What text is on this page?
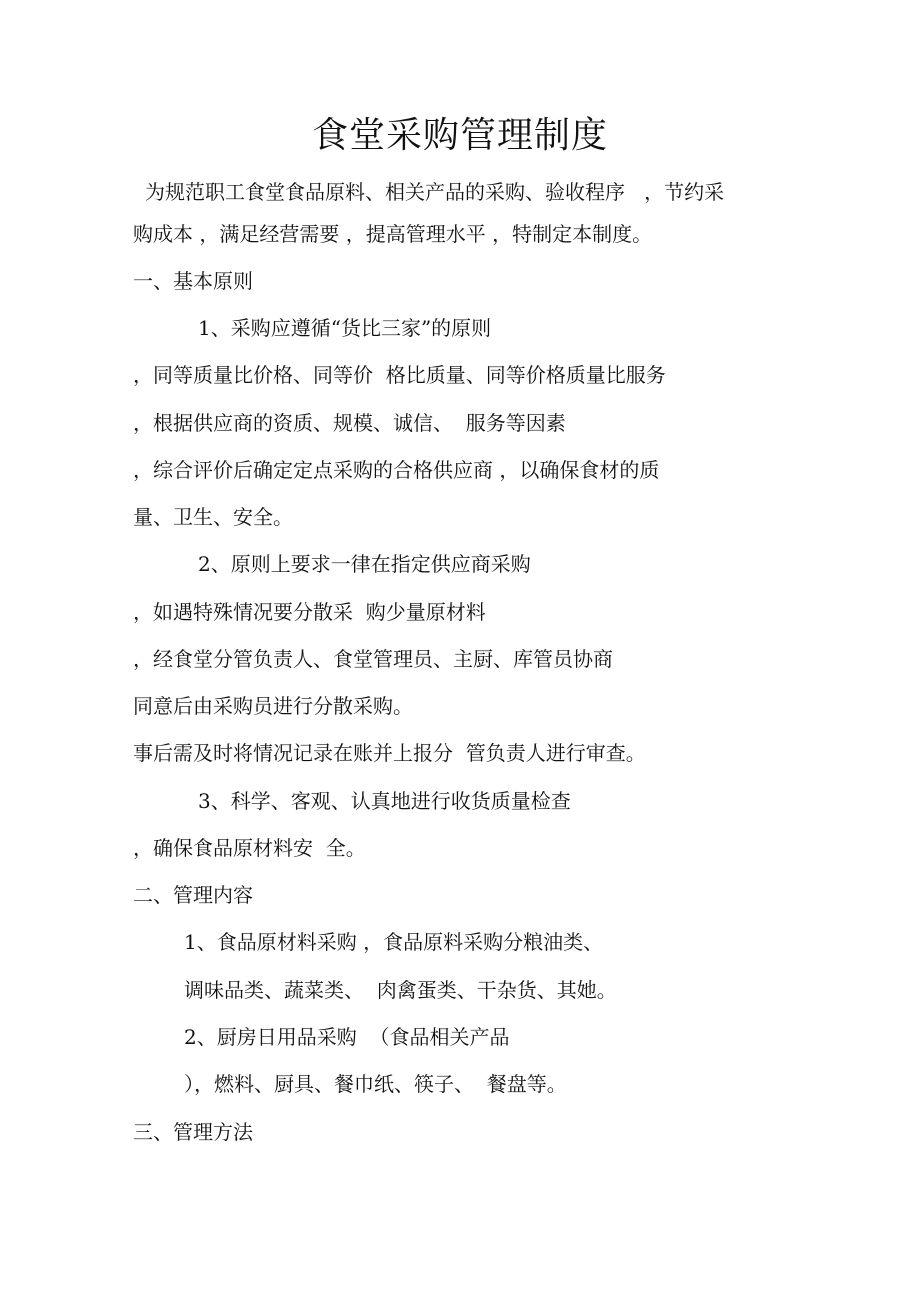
食堂采购管理制度
为规范职工食堂食品原料、相关产品的采购、验收程序   ，节约采
购成本 ，满足经营需要 ，提高管理水平 ，特制定本制度。
一、基本原则
1、采购应遵循“货比三家”的原则
，同等质量比价格、同等价  格比质量、同等价格质量比服务
，根据供应商的资质、规模、诚信、  服务等因素
，综合评价后确定定点采购的合格供应商 ，以确保食材的质
量、卫生、安全。
2、原则上要求一律在指定供应商采购
，如遇特殊情况要分散采  购少量原材料
，经食堂分管负责人、食堂管理员、主厨、库管员协商
同意后由采购员进行分散采购。
事后需及时将情况记录在账并上报分  管负责人进行审查。
3、科学、客观、认真地进行收货质量检查
，确保食品原材料安  全。
二、管理内容
1、食品原材料采购 ，食品原料采购分粮油类、
调味品类、蔬菜类、  肉禽蛋类、干杂货、其她。
2、厨房日用品采购  （食品相关产品
），燃料、厨具、餐巾纸、筷子、  餐盘等。
三、管理方法
